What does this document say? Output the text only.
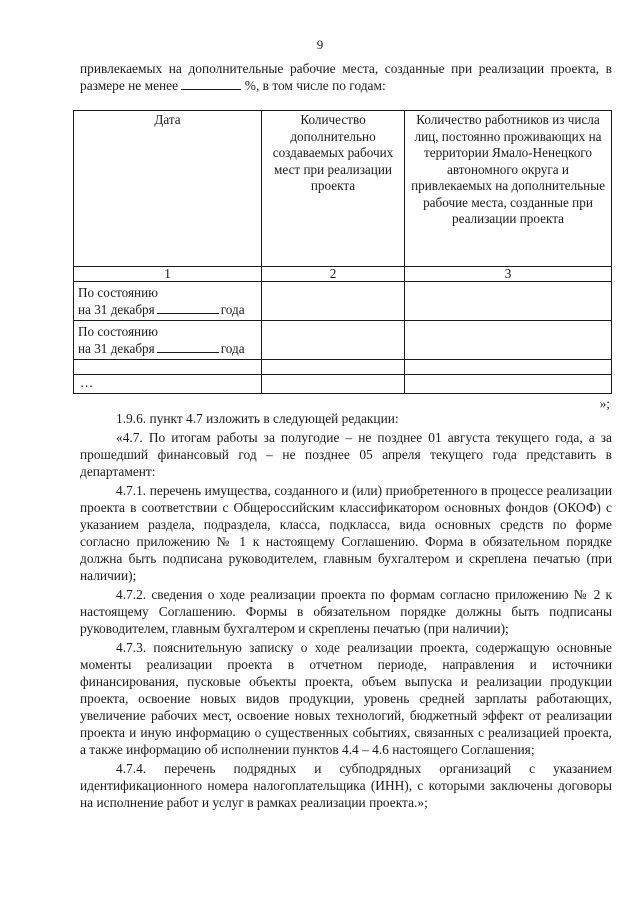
9
привлекаемых на дополнительные рабочие места, созданные при реализации проекта, в размере не менее	%, в том числе по годам:
Дата	Количество дополнительно создаваемых рабочих мест при реализации проекта	Количество работников из числа лиц, постоянно проживающих на территории Ямало-Ненецкого автономного округа и привлекаемых на дополнительные рабочие места, созданные при реализации проекта
1	2	3

По состоянию
на 31 декабря года		

По состоянию
на 31 декабря года		

…		
»;

1.9.6. пункт 4.7 изложить в следующей редакции:

«4.7. По итогам работы за полугодие – не позднее 01 августа текущего года, а за прошедший финансовый год – не позднее 05 апреля текущего года представить в департамент:

4.7.1. перечень имущества, созданного и (или) приобретенного в процессе реализации проекта в соответствии с Общероссийским классификатором основных фондов (ОКОФ) с указанием раздела, подраздела, класса, подкласса, вида основных средств по форме согласно приложению № 1 к настоящему Соглашению. Форма в обязательном порядке должна быть подписана руководителем, главным бухгалтером и скреплена печатью (при наличии);

4.7.2. сведения о ходе реализации проекта по формам согласно приложению № 2 к настоящему Соглашению. Формы в обязательном порядке должны быть подписаны руководителем, главным бухгалтером и скреплены печатью (при наличии);

4.7.3. пояснительную записку о ходе реализации проекта, содержащую основные моменты реализации проекта в отчетном периоде, направления и источники финансирования, пусковые объекты проекта, объем выпуска и реализации продукции проекта, освоение новых видов продукции, уровень средней зарплаты работающих, увеличение рабочих мест, освоение новых технологий, бюджетный эффект от реализации проекта и иную информацию о существенных событиях, связанных с реализацией проекта, а также информацию об исполнении пунктов 4.4 – 4.6 настоящего Соглашения;

4.7.4. перечень подрядных и субподрядных организаций с указанием идентификационного номера налогоплательщика (ИНН), с которыми заключены договоры на исполнение работ и услуг в рамках реализации проекта.»;
